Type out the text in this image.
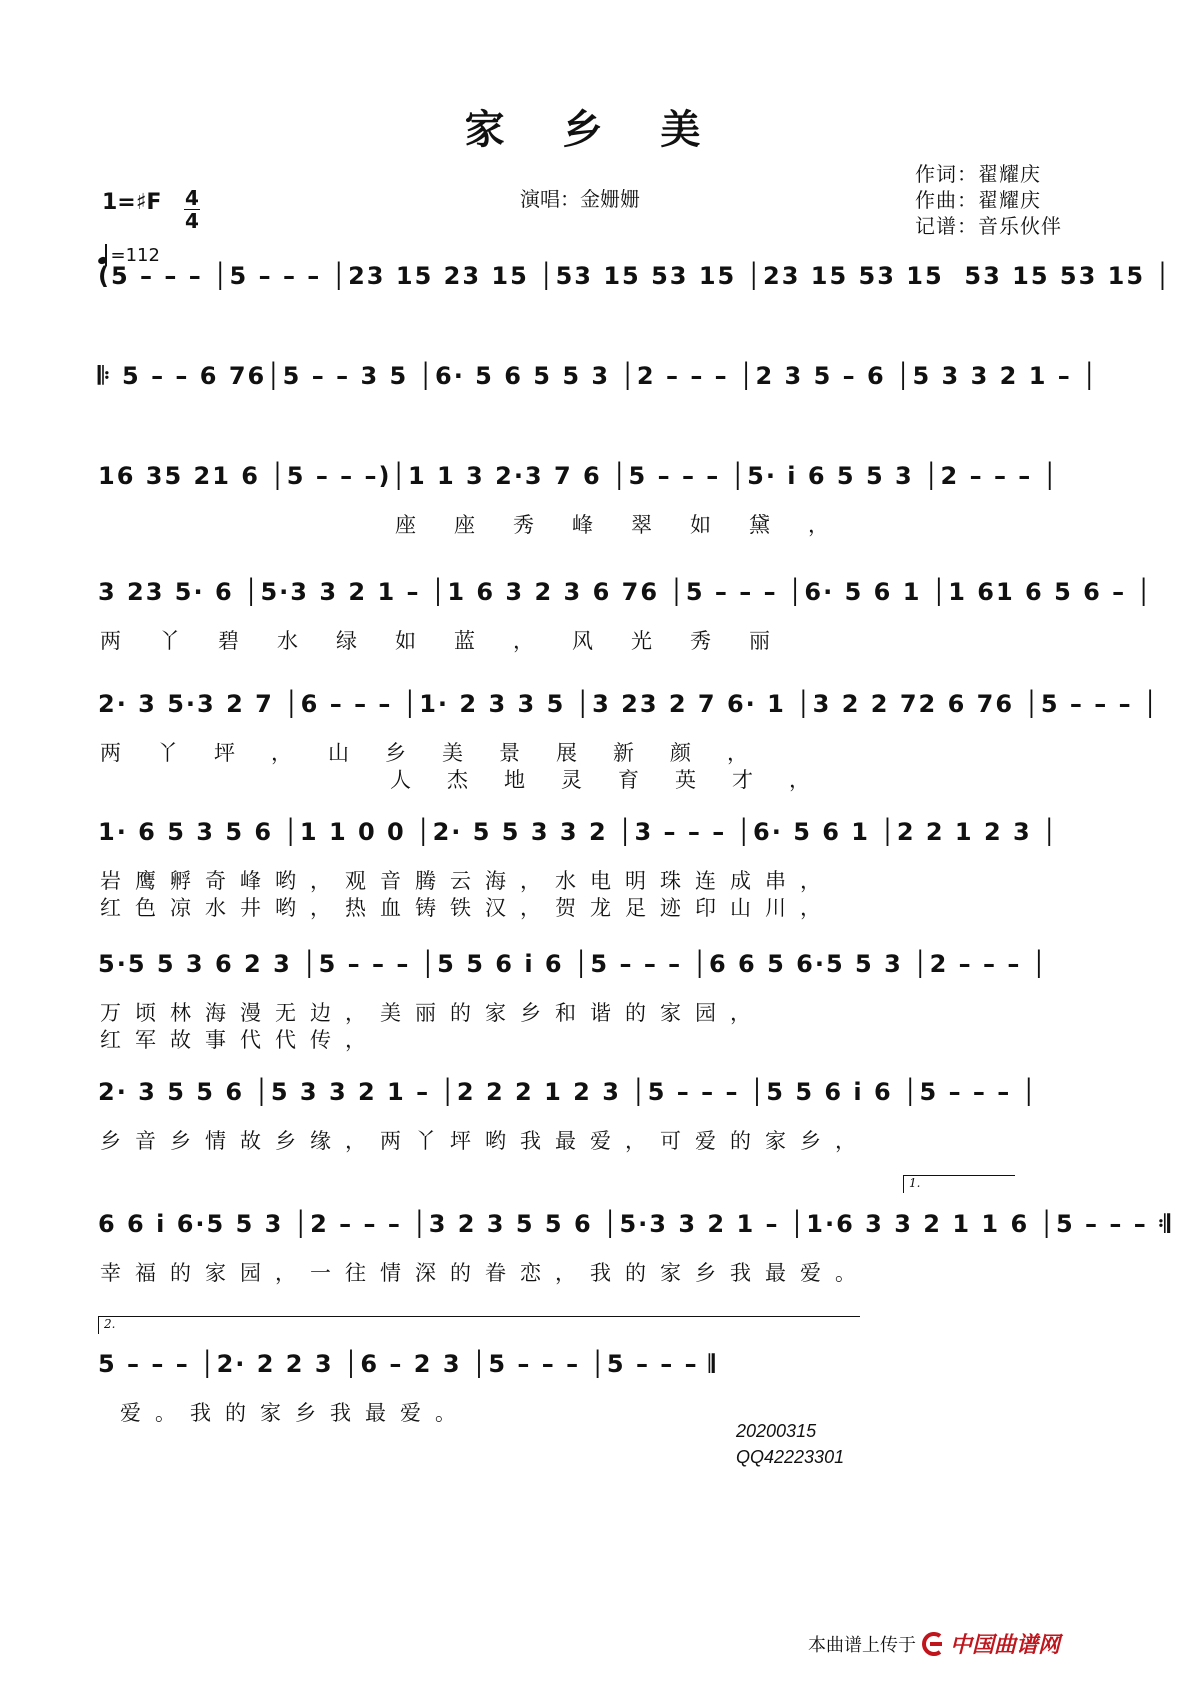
家 乡 美
演唱：金姗姗
作词：翟耀庆
作曲：翟耀庆
记谱：音乐伙伴
1=♯F 4
4
=112
(5 – – – │5 – – – │23 15 23 15 │53 15 53 15 │23 15 53 15  53 15 53 15 │
𝄆 5 – – 6 76│5 – – 3 5 │6· 5 6 5 5 3 │2 – – – │2 3 5 – 6 │5 3 3 2 1 – │
16 35 21 6 │5 – – –)│1 1 3 2·3 7 6 │5 – – – │5· i 6 5 5 3 │2 – – – │
座座秀峰翠如黛，
3 23 5· 6 │5·3 3 2 1 – │1 6 3 2 3 6 76 │5 – – – │6· 5 6 1 │1 61 6 5 6 – │
两丫碧水绿如蓝，风光秀丽
2· 3 5·3 2 7 │6 – – – │1· 2 3 3 5 │3 23 2 7 6· 1 │3 2 2 72 6 76 │5 – – – │
两丫坪，山乡美景展新颜，
人杰地灵育英才，
1· 6 5 3 5 6 │1 1 0 0 │2· 5 5 3 3 2 │3 – – – │6· 5 6 1 │2 2 1 2 3 │
岩鹰孵奇峰哟，观音腾云海，水电明珠连成串，
红色凉水井哟，热血铸铁汉，贺龙足迹印山川，
5·5 5 3 6 2 3 │5 – – – │5 5 6 i 6 │5 – – – │6 6 5 6·5 5 3 │2 – – – │
万顷林海漫无边，美丽的家乡和谐的家园，
红军故事代代传，
2· 3 5 5 6 │5 3 3 2 1 – │2 2 2 1 2 3 │5 – – – │5 5 6 i 6 │5 – – – │
乡音乡情故乡缘，两丫坪哟我最爱，可爱的家乡，
6 6 i 6·5 5 3 │2 – – – │3 2 3 5 5 6 │5·3 3 2 1 – │1·6 3 3 2 1 1 6 │5 – – – 𝄇
幸福的家园，一往情深的眷恋，我的家乡我最爱。
5 – – – │2· 2 2 3 │6 – 2 3 │5 – – – │5 – – – 𝄂
爱。我的家乡我最爱。
1.
2.
20200315
QQ42223301
本曲谱上传于 中国 曲谱网
